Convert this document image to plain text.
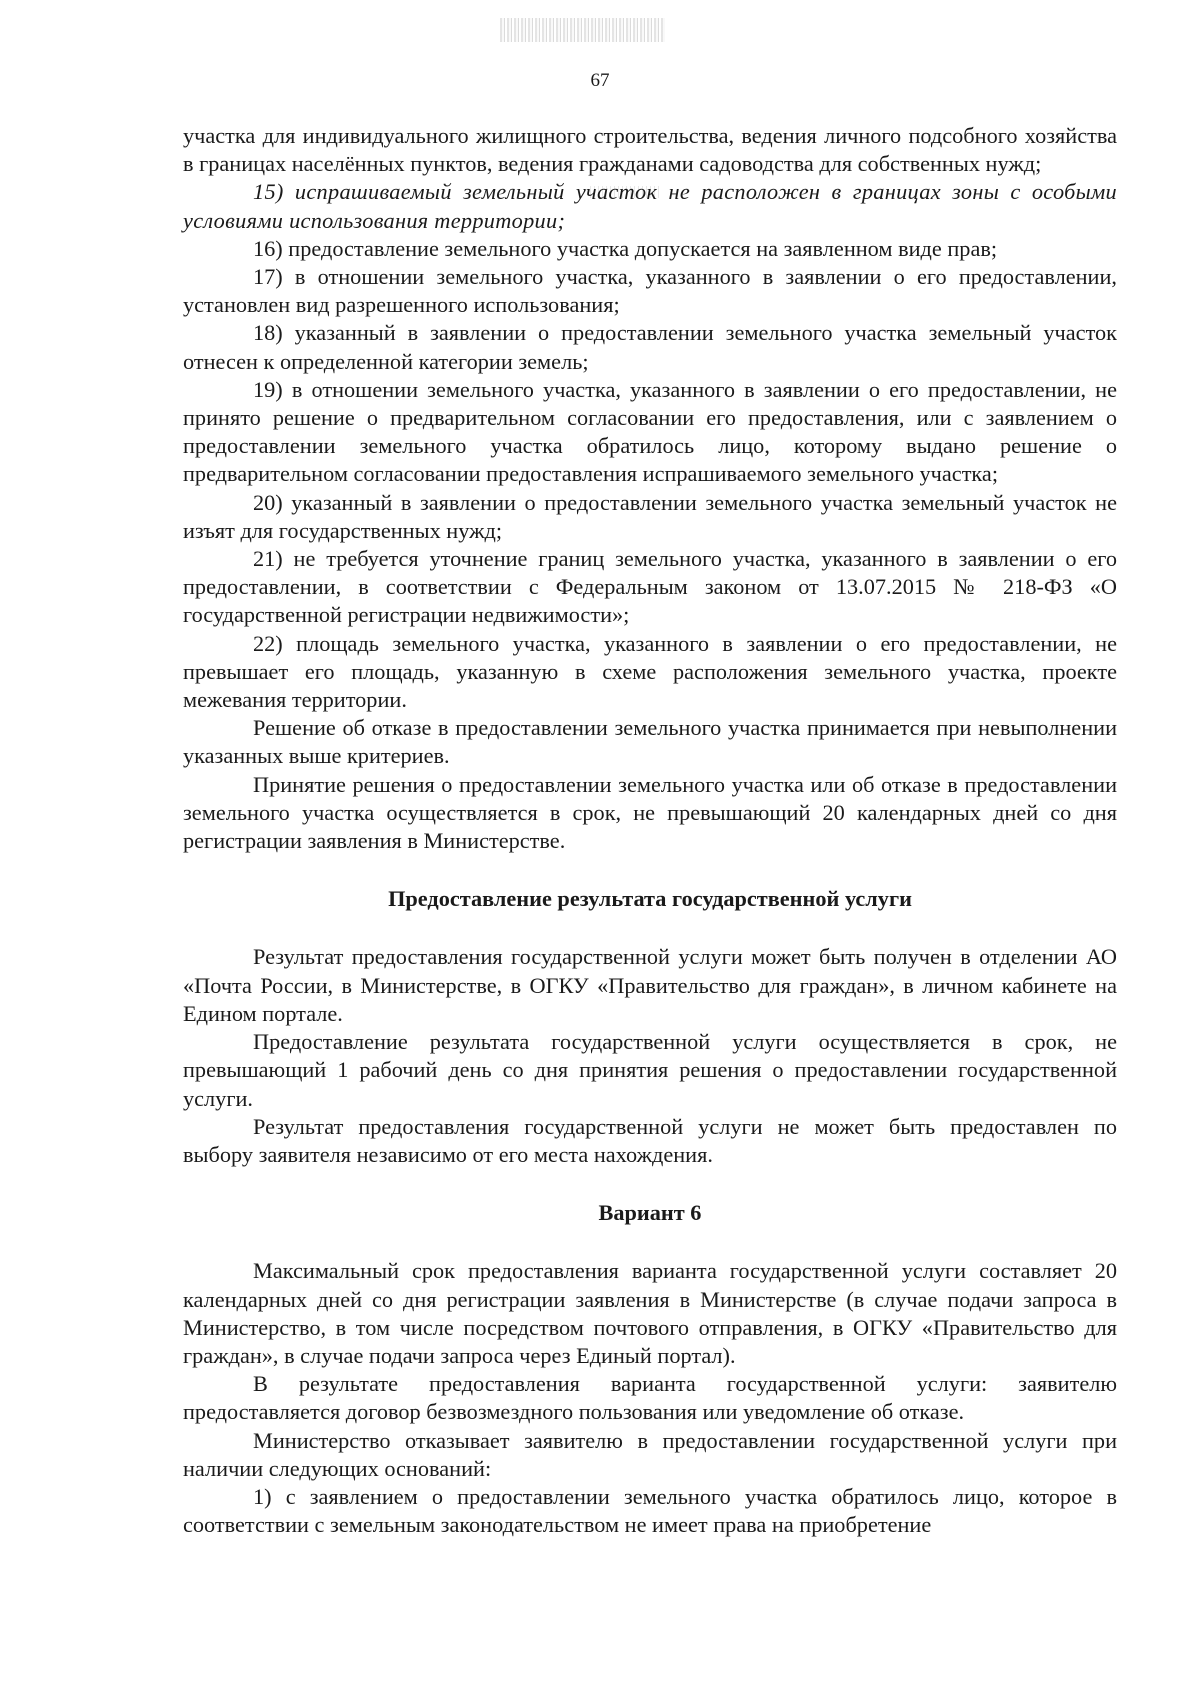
67

участка для индивидуального жилищного строительства, ведения личного подсобного хозяйства в границах населённых пунктов, ведения гражданами садоводства для собственных нужд;

15) испрашиваемый земельный участок не расположен в границах зоны с особыми условиями использования территории;

16) предоставление земельного участка допускается на заявленном виде прав;

17) в отношении земельного участка, указанного в заявлении о его предоставлении, установлен вид разрешенного использования;

18) указанный в заявлении о предоставлении земельного участка земельный участок отнесен к определенной категории земель;

19) в отношении земельного участка, указанного в заявлении о его предоставлении, не принято решение о предварительном согласовании его предоставления, или с заявлением о предоставлении земельного участка обратилось лицо, которому выдано решение о предварительном согласовании предоставления испрашиваемого земельного участка;

20) указанный в заявлении о предоставлении земельного участка земельный участок не изъят для государственных нужд;

21) не требуется уточнение границ земельного участка, указанного в заявлении о его предоставлении, в соответствии с Федеральным законом от 13.07.2015 № 218-ФЗ «О государственной регистрации недвижимости»;

22) площадь земельного участка, указанного в заявлении о его предоставлении, не превышает его площадь, указанную в схеме расположения земельного участка, проекте межевания территории.

Решение об отказе в предоставлении земельного участка принимается при невыполнении указанных выше критериев.

Принятие решения о предоставлении земельного участка или об отказе в предоставлении земельного участка осуществляется в срок, не превышающий 20 календарных дней со дня регистрации заявления в Министерстве.

Предоставление результата государственной услуги

Результат предоставления государственной услуги может быть получен в отделении АО «Почта России, в Министерстве, в ОГКУ «Правительство для граждан», в личном кабинете на Едином портале.

Предоставление результата государственной услуги осуществляется в срок, не превышающий 1 рабочий день со дня принятия решения о предоставлении государственной услуги.

Результат предоставления государственной услуги не может быть предоставлен по выбору заявителя независимо от его места нахождения.

Вариант 6

Максимальный срок предоставления варианта государственной услуги составляет 20 календарных дней со дня регистрации заявления в Министерстве (в случае подачи запроса в Министерство, в том числе посредством почтового отправления, в ОГКУ «Правительство для граждан», в случае подачи запроса через Единый портал).

В результате предоставления варианта государственной услуги: заявителю предоставляется договор безвозмездного пользования или уведомление об отказе.

Министерство отказывает заявителю в предоставлении государственной услуги при наличии следующих оснований:

1) с заявлением о предоставлении земельного участка обратилось лицо, которое в соответствии с земельным законодательством не имеет права на приобретение
